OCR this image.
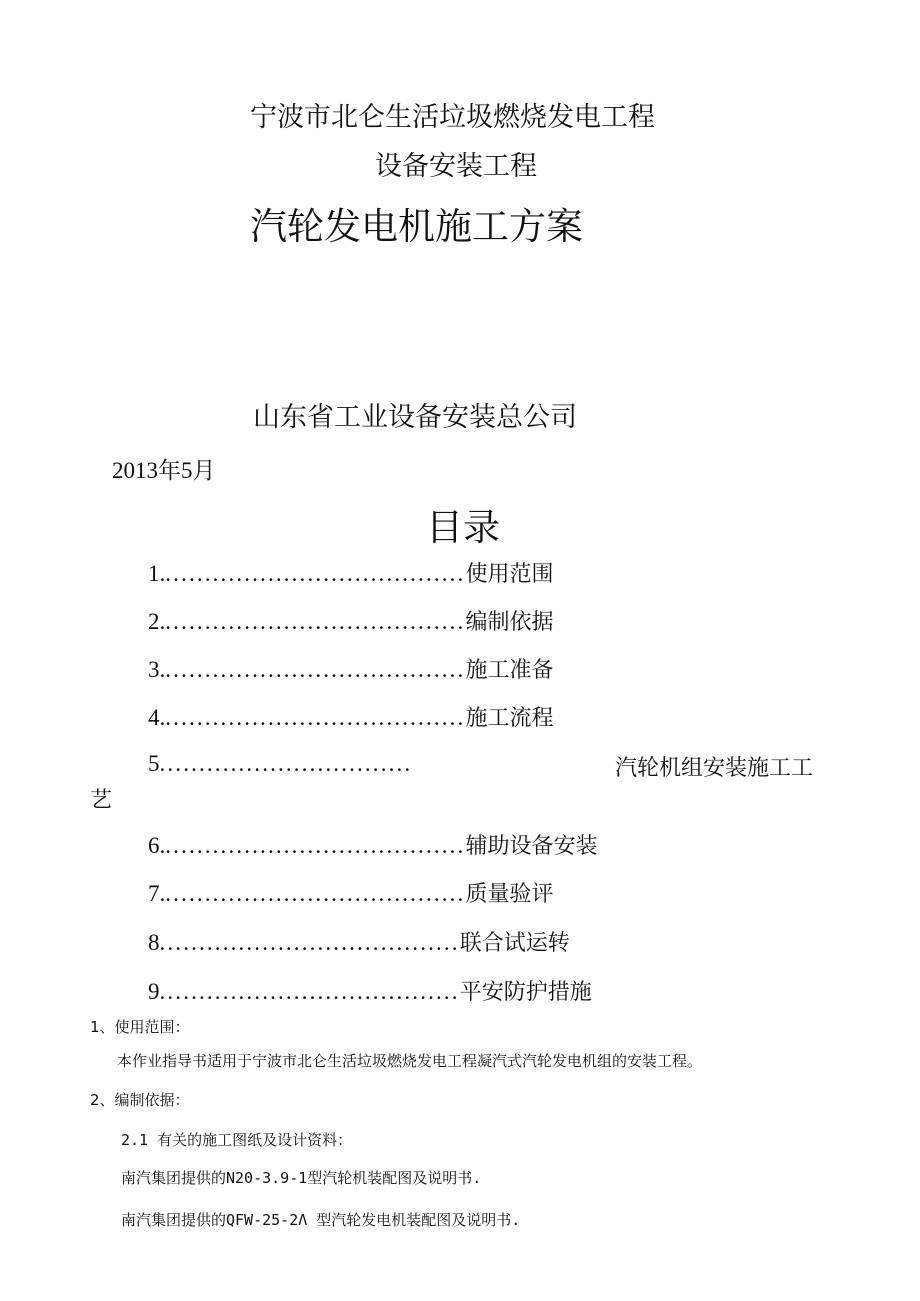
宁波市北仑生活垃圾燃烧发电工程
设备安装工程
汽轮发电机施工方案
山东省工业设备安装总公司
2013年5月
目录
1.......................................使用范围
2.......................................编制依据
3.......................................施工准备
4.......................................施工流程
5................................	汽轮机组安装施工工
艺
6.......................................辅助设备安装
7.......................................质量验评
8......................................联合试运转
9......................................平安防护措施
1、使用范围：
本作业指导书适用于宁波市北仑生活垃圾燃烧发电工程凝汽式汽轮发电机组的安装工程。
2、编制依据：
2.1 有关的施工图纸及设计资料：
南汽集团提供的N20-3.9-1型汽轮机装配图及说明书.
南汽集团提供的QFW-25-2Λ 型汽轮发电机装配图及说明书.
